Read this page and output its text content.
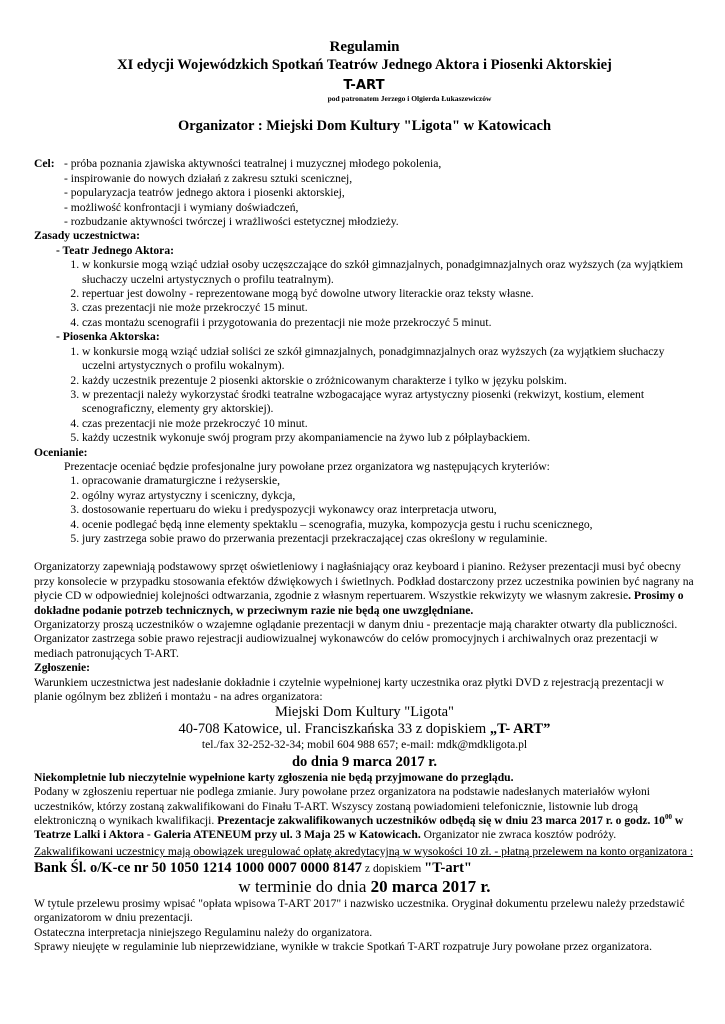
Regulamin
XI edycji Wojewódzkich Spotkań Teatrów Jednego Aktora i Piosenki Aktorskiej
T-ART
pod patronatem Jerzego i Olgierda Łukaszewiczów
Organizator : Miejski Dom Kultury "Ligota" w Katowicach
Cel: - próba poznania zjawiska aktywności teatralnej i muzycznej młodego pokolenia,
- inspirowanie do nowych działań z zakresu sztuki scenicznej,
- popularyzacja teatrów jednego aktora i piosenki aktorskiej,
- możliwość konfrontacji i wymiany doświadczeń,
- rozbudzanie aktywności twórczej i wrażliwości estetycznej młodzieży.
Zasady uczestnictwa:
- Teatr Jednego Aktora:
1. w konkursie mogą wziąć udział osoby uczęszczające do szkół gimnazjalnych, ponadgimnazjalnych oraz wyższych (za wyjątkiem słuchaczy uczelni artystycznych o profilu teatralnym).
2. repertuar jest dowolny - reprezentowane mogą być dowolne utwory literackie oraz teksty własne.
3. czas prezentacji nie może przekroczyć 15 minut.
4. czas montażu scenografii i przygotowania do prezentacji nie może przekroczyć 5 minut.
- Piosenka Aktorska:
1. w konkursie mogą wziąć udział soliści ze szkół gimnazjalnych, ponadgimnazjalnych oraz wyższych (za wyjątkiem słuchaczy uczelni artystycznych o profilu wokalnym).
2. każdy uczestnik prezentuje 2 piosenki aktorskie o zróżnicowanym charakterze i tylko w języku polskim.
3. w prezentacji należy wykorzystać środki teatralne wzbogacające wyraz artystyczny piosenki (rekwizyt, kostium, element scenograficzny, elementy gry aktorskiej).
4. czas prezentacji nie może przekroczyć 10 minut.
5. każdy uczestnik wykonuje swój program przy akompaniamencie na żywo lub z półplaybackiem.
Ocenianie:
Prezentacje oceniać będzie profesjonalne jury powołane przez organizatora wg następujących kryteriów:
1. opracowanie dramaturgiczne i reżyserskie,
2. ogólny wyraz artystyczny i sceniczny, dykcja,
3. dostosowanie repertuaru do wieku i predyspozycji wykonawcy oraz interpretacja utworu,
4. ocenie podlegać będą inne elementy spektaklu – scenografia, muzyka, kompozycja gestu i ruchu scenicznego,
5. jury zastrzega sobie prawo do przerwania prezentacji przekraczającej czas określony w regulaminie.

Organizatorzy zapewniają podstawowy sprzęt oświetleniowy i nagłaśniający oraz keyboard i pianino. Reżyser prezentacji musi być obecny przy konsolecie w przypadku stosowania efektów dźwiękowych i świetlnych. Podkład dostarczony przez uczestnika powinien być nagrany na płycie CD w odpowiedniej kolejności odtwarzania, zgodnie z własnym repertuarem. Wszystkie rekwizyty we własnym zakresie. Prosimy o dokładne podanie potrzeb technicznych, w przeciwnym razie nie będą one uwzględniane.

Organizatorzy proszą uczestników o wzajemne oglądanie prezentacji w danym dniu - prezentacje mają charakter otwarty dla publiczności.

Organizator zastrzega sobie prawo rejestracji audiowizualnej wykonawców do celów promocyjnych i archiwalnych oraz prezentacji w mediach patronujących T-ART.

Zgłoszenie:

Warunkiem uczestnictwa jest nadesłanie dokładnie i czytelnie wypełnionej karty uczestnika oraz płytki DVD z rejestracją prezentacji w planie ogólnym bez zbliżeń i montażu - na adres organizatora:

Miejski Dom Kultury "Ligota"
40-708 Katowice, ul. Franciszkańska 33 z dopiskiem „T- ART”
tel./fax 32-252-32-34; mobil 604 988 657; e-mail: mdk@mdkligota.pl
do dnia 9 marca 2017 r.
Niekompletnie lub nieczytelnie wypełnione karty zgłoszenia nie będą przyjmowane do przeglądu.

Podany w zgłoszeniu repertuar nie podlega zmianie. Jury powołane przez organizatora na podstawie nadesłanych materiałów wyłoni uczestników, którzy zostaną zakwalifikowani do Finału T-ART. Wszyscy zostaną powiadomieni telefonicznie, listownie lub drogą elektroniczną o wynikach kwalifikacji. Prezentacje zakwalifikowanych uczestników odbędą się w dniu 23 marca 2017 r. o godz. $10^{00}$ w Teatrze Lalki i Aktora - Galeria ATENEUM przy ul. 3 Maja 25 w Katowicach. Organizator nie zwraca kosztów podróży.

Zakwalifikowani uczestnicy mają obowiązek uregulować opłatę akredytacyjną w wysokości 10 zł. - płatną przelewem na konto organizatora : Bank Śl. o/K-ce nr 50 1050 1214 1000 0007 0000 8147 z dopiskiem "T-art"

w terminie do dnia 20 marca 2017 r.

W tytule przelewu prosimy wpisać "opłata wpisowa T-ART 2017" i nazwisko uczestnika. Oryginał dokumentu przelewu należy przedstawić organizatorom w dniu prezentacji.

Ostateczna interpretacja niniejszego Regulaminu należy do organizatora.

Sprawy nieujęte w regulaminie lub nieprzewidziane, wynikłe w trakcie Spotkań T-ART rozpatruje Jury powołane przez organizatora.
